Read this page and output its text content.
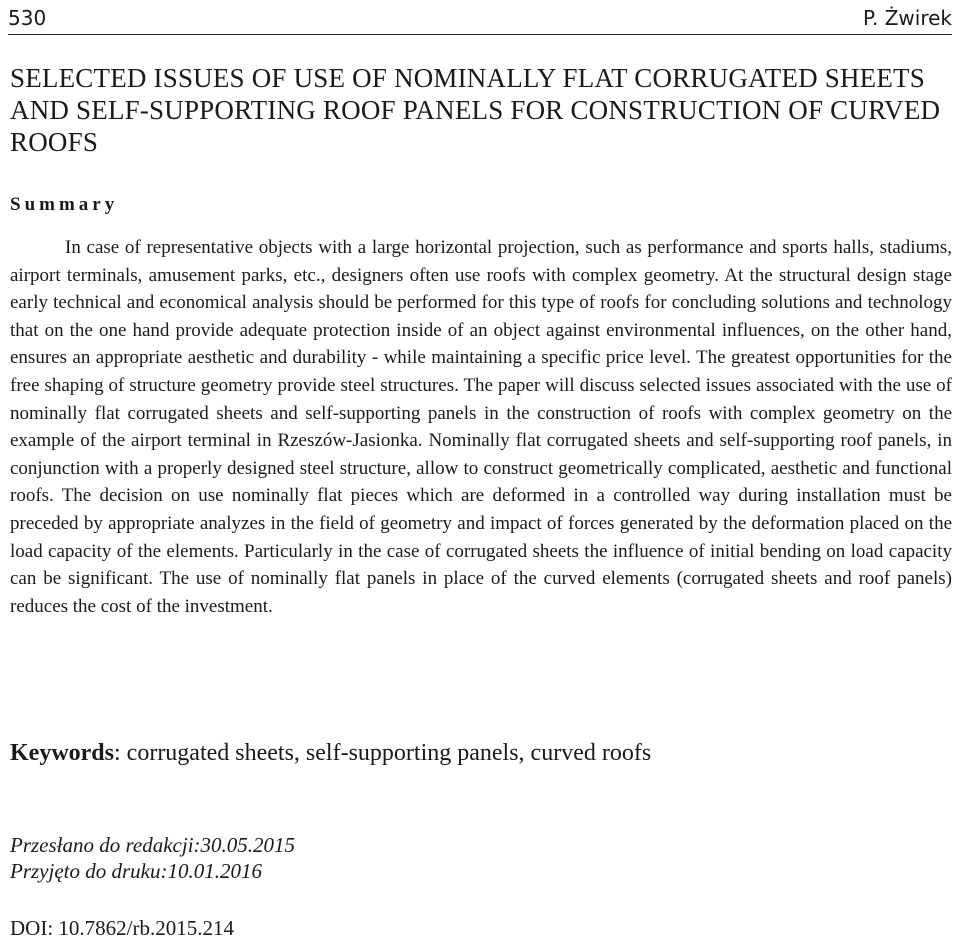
530	P. Żwirek
SELECTED ISSUES OF USE OF NOMINALLY FLAT CORRUGATED SHEETS AND SELF-SUPPORTING ROOF PANELS FOR CONSTRUCTION OF CURVED ROOFS
Summary

In case of representative objects with a large horizontal projection, such as performance and sports halls, stadiums, airport terminals, amusement parks, etc., designers often use roofs with complex geometry. At the structural design stage early technical and economical analysis should be performed for this type of roofs for concluding solutions and technology that on the one hand provide adequate protection inside of an object against environmental influences, on the other hand, ensures an appropriate aesthetic and durability - while maintaining a specific price level. The greatest opportunities for the free shaping of structure geometry provide steel structures. The paper will discuss selected issues associated with the use of nominally flat corrugated sheets and self-supporting panels in the construction of roofs with complex geometry on the example of the airport terminal in Rzeszów-Jasionka. Nominally flat corrugated sheets and self-supporting roof panels, in conjunction with a properly designed steel structure, allow to construct geometrically complicated, aesthetic and functional roofs. The decision on use nominally flat pieces which are deformed in a controlled way during installation must be preceded by appropriate analyzes in the field of geometry and impact of forces generated by the deformation placed on the load capacity of the elements. Particularly in the case of corrugated sheets the influence of initial bending on load capacity can be significant. The use of nominally flat panels in place of the curved elements (corrugated sheets and roof panels) reduces the cost of the investment.

Keywords: corrugated sheets, self-supporting panels, curved roofs
Przesłano do redakcji:30.05.2015
Przyjęto do druku:10.01.2016
DOI: 10.7862/rb.2015.214
